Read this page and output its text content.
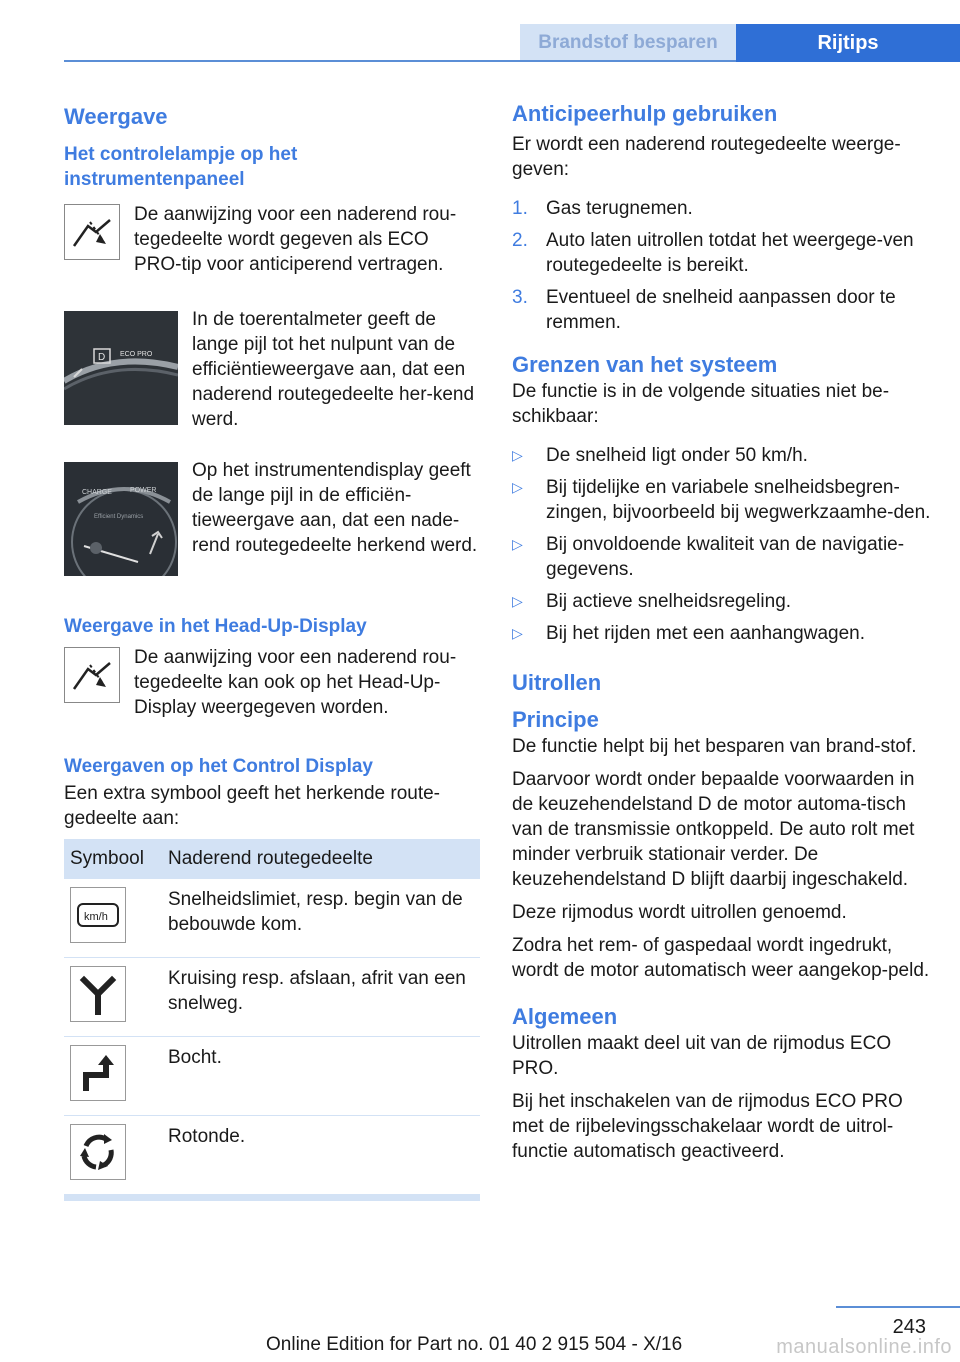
Brandstof besparen	Rijtips
Weergave
Het controlelampje op het instrumentenpaneel
De aanwijzing voor een naderend rou‐tegedeelte wordt gegeven als ECO PRO‐tip voor anticiperend vertragen.
D ECO PRO
In de toerentalmeter geeft de lange pijl tot het nulpunt van de efficiëntieweergave aan, dat een naderend routegedeelte her‐kend werd.
CHARGE	POWER
Efficient Dynamics
Op het instrumentendisplay geeft de lange pijl in de efficiën‐tieweergave aan, dat een nade‐rend routegedeelte herkend werd.
Weergave in het Head-Up-Display
De aanwijzing voor een naderend rou‐tegedeelte kan ook op het Head-Up-Display weergegeven worden.
Weergaven op het Control Display

Een extra symbool geeft het herkende route‐gedeelte aan:

Symbool	Naderend routegedeelte

km/h	Snelheidslimiet, resp. begin van de bebouwde kom.

	Kruising resp. afslaan, afrit van een snelweg.

	Bocht.

	Rotonde.
Anticipeerhulp gebruiken

Er wordt een naderend routegedeelte weerge‐geven:

1. Gas terugnemen.
2. Auto laten uitrollen totdat het weergege‐ven routegedeelte is bereikt.
3. Eventueel de snelheid aanpassen door te remmen.
Grenzen van het systeem

De functie is in de volgende situaties niet be‐schikbaar:

▷	De snelheid ligt onder 50 km/h.
▷	Bij tijdelijke en variabele snelheidsbegren‐zingen, bijvoorbeeld bij wegwerkzaamhe‐den.
▷	Bij onvoldoende kwaliteit van de navigatie‐gegevens.
▷	Bij actieve snelheidsregeling.
▷	Bij het rijden met een aanhangwagen.
Uitrollen
Principe

De functie helpt bij het besparen van brand‐stof.

Daarvoor wordt onder bepaalde voorwaarden in de keuzehendelstand D de motor automa‐tisch van de transmissie ontkoppeld. De auto rolt met minder verbruik stationair verder. De keuzehendelstand D blijft daarbij ingeschakeld.

Deze rijmodus wordt uitrollen genoemd.

Zodra het rem- of gaspedaal wordt ingedrukt, wordt de motor automatisch weer aangekop‐peld.

Algemeen

Uitrollen maakt deel uit van de rijmodus ECO PRO.

Bij het inschakelen van de rijmodus ECO PRO met de rijbelevingsschakelaar wordt de uitrol‐functie automatisch geactiveerd.

243
Online Edition for Part no. 01 40 2 915 504 - X/16	manualsonline.info
